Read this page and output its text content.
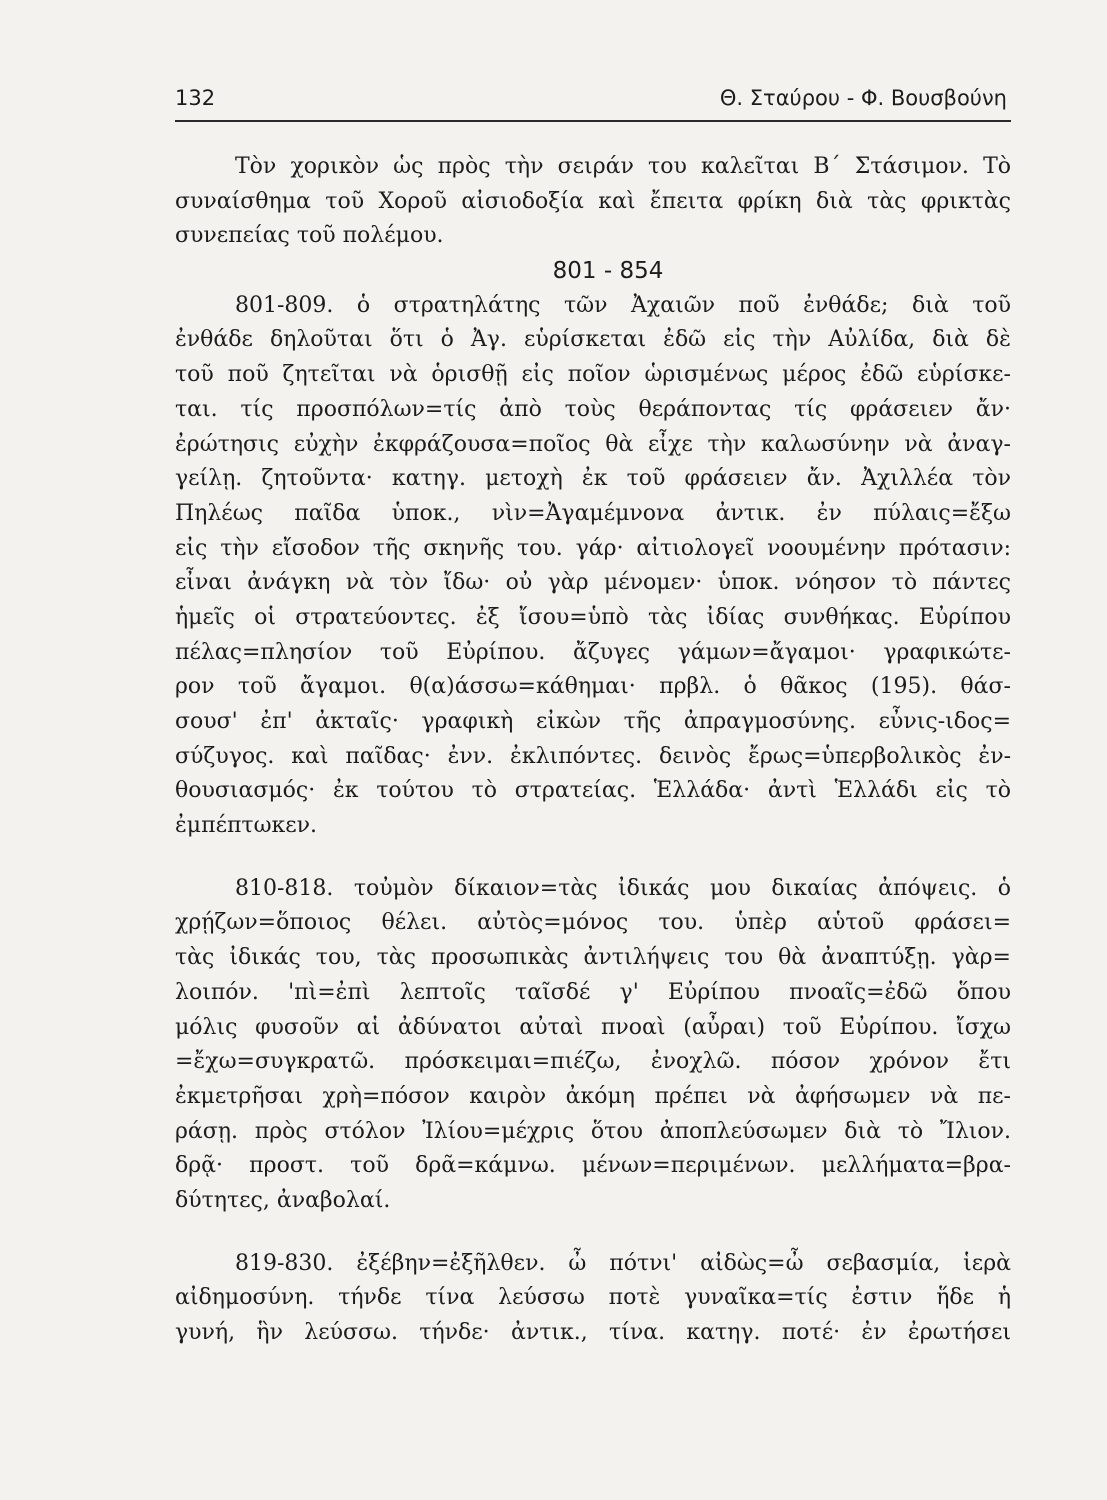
132	Θ. Σταύρου - Φ. Βουσβούνη
Τὸν χορικὸν ὡς πρὸς τὴν σειράν του καλεῖται Β΄ Στάσιμον. Τὸ
συναίσθημα τοῦ Χοροῦ αἰσιοδοξία καὶ ἔπειτα φρίκη διὰ τὰς φρικτὰς
συνεπείας τοῦ πολέμου.
801 - 854
801-809. ὁ στρατηλάτης τῶν Ἀχαιῶν ποῦ ἐνθάδε; διὰ τοῦ
ἐνθάδε δηλοῦται ὅτι ὁ Ἀγ. εὑρίσκεται ἐδῶ εἰς τὴν Αὐλίδα, διὰ δὲ
τοῦ ποῦ ζητεῖται νὰ ὁρισθῇ εἰς ποῖον ὡρισμένως μέρος ἐδῶ εὑρίσκε-
ται. τίς προσπόλων=τίς ἀπὸ τοὺς θεράποντας τίς φράσειεν ἄν·
ἐρώτησις εὐχὴν ἐκφράζουσα=ποῖος θὰ εἶχε τὴν καλωσύνην νὰ ἀναγ-
γείλῃ. ζητοῦντα· κατηγ. μετοχὴ ἐκ τοῦ φράσειεν ἄν. Ἀχιλλέα τὸν
Πηλέως παῖδα ὑποκ., νὶν=Ἀγαμέμνονα ἀντικ. ἐν πύλαις=ἔξω
εἰς τὴν εἴσοδον τῆς σκηνῆς του. γάρ· αἰτιολογεῖ νοουμένην πρότασιν:
εἶναι ἀνάγκη νὰ τὸν ἴδω· οὐ γὰρ μένομεν· ὑποκ. νόησον τὸ πάντες
ἡμεῖς οἱ στρατεύοντες. ἐξ ἴσου=ὑπὸ τὰς ἰδίας συνθήκας. Εὐρίπου
πέλας=πλησίον τοῦ Εὐρίπου. ἄζυγες γάμων=ἄγαμοι· γραφικώτε-
ρον τοῦ ἄγαμοι. θ(α)άσσω=κάθημαι· πρβλ. ὁ θᾶκος (195). θάσ-
σουσ' ἐπ' ἀκταῖς· γραφικὴ εἰκὼν τῆς ἀπραγμοσύνης. εὖνις-ιδος=
σύζυγος. καὶ παῖδας· ἐνν. ἐκλιπόντες. δεινὸς ἔρως=ὑπερβολικὸς ἐν-
θουσιασμός· ἐκ τούτου τὸ στρατείας. Ἑλλάδα· ἀντὶ Ἑλλάδι εἰς τὸ
ἐμπέπτωκεν.
810-818. τοὐμὸν δίκαιον=τὰς ἰδικάς μου δικαίας ἀπόψεις. ὁ
χρῄζων=ὅποιος θέλει. αὐτὸς=μόνος του. ὑπὲρ αὑτοῦ φράσει=
τὰς ἰδικάς του, τὰς προσωπικὰς ἀντιλήψεις του θὰ ἀναπτύξῃ. γὰρ=
λοιπόν. 'πὶ=ἐπὶ λεπτοῖς ταῖσδέ γ' Εὐρίπου πνοαῖς=ἐδῶ ὅπου
μόλις φυσοῦν αἱ ἀδύνατοι αὐταὶ πνοαὶ (αὖραι) τοῦ Εὐρίπου. ἴσχω
=ἔχω=συγκρατῶ. πρόσκειμαι=πιέζω, ἐνοχλῶ. πόσον χρόνον ἔτι
ἐκμετρῆσαι χρὴ=πόσον καιρὸν ἀκόμη πρέπει νὰ ἀφήσωμεν νὰ πε-
ράσῃ. πρὸς στόλον Ἰλίου=μέχρις ὅτου ἀποπλεύσωμεν διὰ τὸ Ἴλιον.
δρᾷ· προστ. τοῦ δρᾶ=κάμνω. μένων=περιμένων. μελλήματα=βρα-
δύτητες, ἀναβολαί.
819-830. ἐξέβην=ἐξῆλθεν. ὦ πότνι' αἰδὼς=ὦ σεβασμία, ἱερὰ
αἰδημοσύνη. τήνδε τίνα λεύσσω ποτὲ γυναῖκα=τίς ἐστιν ἥδε ἡ
γυνή, ἣν λεύσσω. τήνδε· ἀντικ., τίνα. κατηγ. ποτέ· ἐν ἐρωτήσει
